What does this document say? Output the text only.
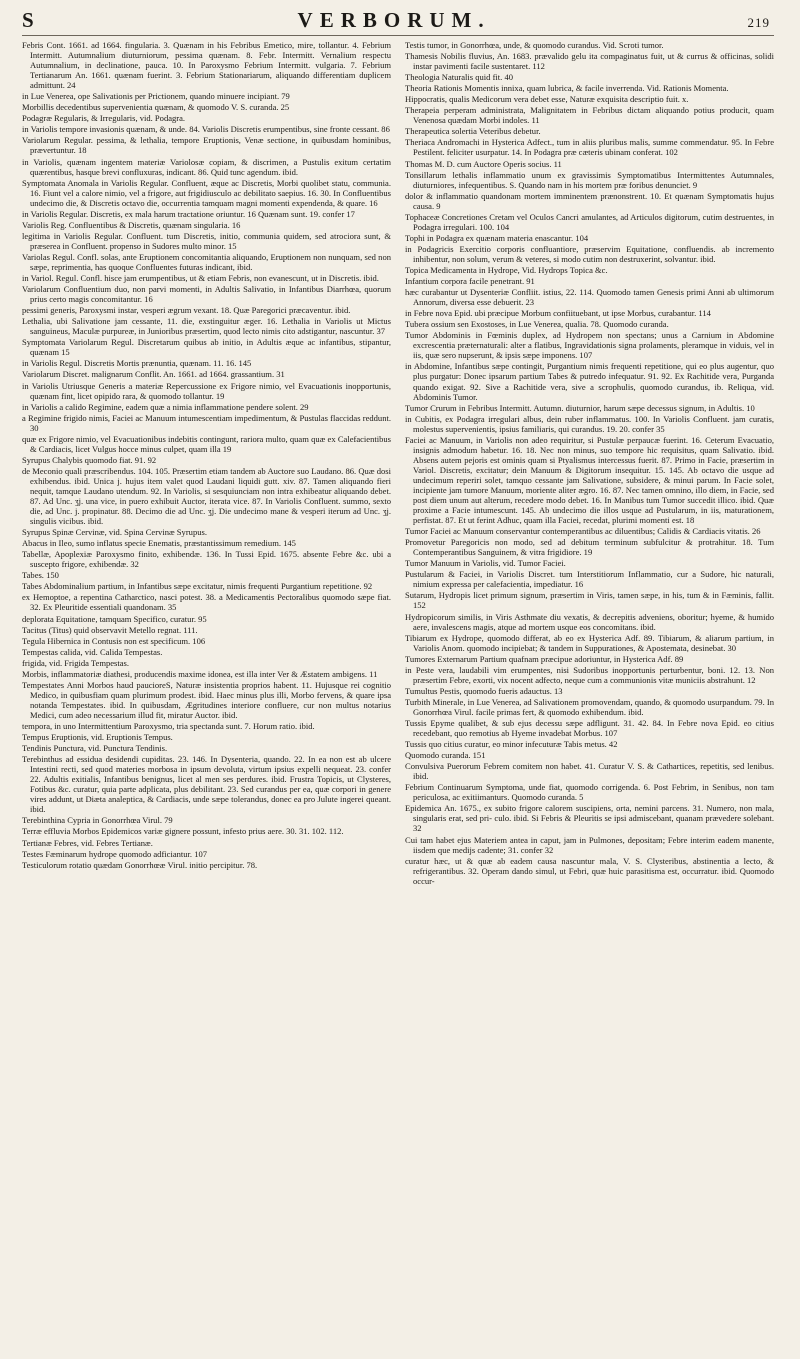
S	VERBORUM.	219

Febris Cont. 1661. ad 1664. fingularia. 3. Quænam in his Febribus Emetico, mire, tollantur. 4. Febrium Intermitt. Autumnalium diuturniorum, pessima quænam. 8. Febr. Intermitt. Vernalium respectu Autumnalium, in declinatione, pauca. 10. In Paroxysmo Febrium Intermitt. vulgaria. 7. Febrium Tertianarum An. 1661. quænam fuerint. 3. Febrium Stationariarum, aliquando differentiam duplicem admittunt. 24

in Lue Venerea, ope Salivationis per Prictionem, quando minuere incipiant. 79

Morbillis decedentibus supervenientia quænam, & quomodo V. S. curanda. 25

Podagræ Regularis, & Irregularis, vid. Podagra.

in Variolis tempore invasionis quænam, & unde. 84. Variolis Discretis erumpentibus, sine fronte cessant. 86

Variolarum Regular. pessima, & lethalia, tempore Eruptionis, Venæ sectione, in quibusdam hominibus, prævertuntur. 18

in Variolis, quænam ingentem materiæ Variolosæ copiam, & discrimen, a Pustulis exitum certatim quærentibus, hasque brevi confluxuras, indicant. 86. Quid tunc agendum. ibid.

Symptomata Anomala in Variolis Regular. Confluent, æque ac Discretis, Morbi quolibet statu, communia. 16. Fiunt vel a calore nimio, vel a frigore, aut frigidiusculo ac debilitato saepius. 16. 30. In Confluentibus undecimo die, & Discretis octavo die, occurrentia tamquam magni momenti expendenda, & quare. 16

in Variolis Regular. Discretis, ex mala harum tractatione oriuntur. 16 Quænam sunt. 19. confer 17

Variolis Reg. Confluentibus & Discretis, quænam singularia. 16

legitima in Variolis Regular. Confluent. tum Discretis, initio, communia quidem, sed atrociora sunt, & præserea in Confluent. propenso in Sudores multo minor. 15

Variolas Regul. Confl. solas, ante Eruptionem concomitantia aliquando, Eruptionem non nunquam, sed non sæpe, reprimentia, has quoque Confluentes futuras indicant, ibid.

in Variol. Regul. Confl. hisce jam erumpentibus, ut & etiam Febris, non evanescunt, ut in Discretis. ibid.

Variolarum Confluentium duo, non parvi momenti, in Adultis Salivatio, in Infantibus Diarrhœa, quorum prius certo magis concomitantur. 16

pessimi generis, Paroxysmi instar, vesperi ægrum vexant. 18. Quæ Paregorici præcaventur. ibid.

Lethalia, ubi Salivatione jam cessante, 11. die, exstinguitur æger. 16. Lethalia in Variolis ut Mictus sanguineus, Maculæ purpureæ, in Junioribus præsertim, quod lecto nimis cito adstigantur, nascuntur. 37

Symptomata Variolarum Regul. Discretarum quibus ab initio, in Adultis æque ac infantibus, stipantur, quænam 15

in Variolis Regul. Discretis Mortis prænuntia, quænam. 11. 16. 145

Variolarum Discret. malignarum Conflit. An. 1661. ad 1664. grassantium. 31

in Variolis Utriusque Generis a materiæ Repercussione ex Frigore nimio, vel Evacuationis inopportunis, quænam fint, licet opipido rara, & quomodo tollantur. 19

in Variolis a calido Regimine, eadem quæ a nimia inflammatione pendere solent. 29

a Regimine frigido nimis, Faciei ac Manuum intumescentiam impedimentum, & Pustulas flaccidas reddunt. 30

quæ ex Frigore nimio, vel Evacuationibus indebitis contingunt, rariora multo, quam quæ ex Calefacientibus & Cardiacis, licet Vulgus hocce minus culpet, quam illa 19

Syrupus Chalybis quomodo fiat. 91. 92

de Meconio quali præscribendus. 104. 105. Præsertim etiam tandem ab Auctore suo Laudano. 86. Quæ dosi exhibendus. ibid. Unica j. hujus item valet quod Laudani liquidi gutt. xiv. 87. Tamen aliquando fieri nequit, tamque Laudano utendum. 92. In Variolis, si sesquiunciam non intra exhibeatur aliquando debet. 87. Ad Unc. ʒj. una vice, in puero exhibuit Auctor, iterata vice. 87. In Variolis Confluent. summo, sexto die, ad Unc. j. propinatur. 88. Decimo die ad Unc. ʒj. Die undecimo mane & vesperi iterum ad Unc. ʒj. singulis vicibus. ibid.

Syrupus Spinæ Cervinæ, vid. Spina Cervinæ Syrupus.

Abacus in Ileo, sumo inflatus specie Enematis, præstantissimum remedium. 145

Tabellæ, Apoplexiæ Paroxysmo finito, exhibendæ. 136. In Tussi Epid. 1675. absente Febre &c. ubi a suscepto frigore, exhibendæ. 32

Tabes. 150

Tabes Abdominalium partium, in Infantibus sæpe excitatur, nimis frequenti Purgantium repetitione. 92

ex Hemoptoe, a repentina Catharctico, nasci potest. 38. a Medicamentis Pectoralibus quomodo sæpe fiat. 32. Ex Pleuritide essentiali quandonam. 35

deplorata Equitatione, tamquam Specifico, curatur. 95

Tacitus (Titus) quid observavit Metello regnat. 111.

Tegula Hibernica in Contusis non est specificum. 106

Tempestas calida, vid. Calida Tempestas.

frigida, vid. Frigida Tempestas.

Morbis, inflammatoriæ diathesi, producendis maxime idonea, est illa inter Ver & Æstatem ambigens. 11

Tempestates Anni Morbos haud paucioreS, Naturæ insistentia proprios habent. 11. Hujusque rei cognitio Medico, in quibusfiam quam plurimum prodest. ibid. Haec minus plus illi, Morbo fervens, & quare ipsa notanda Tempestates. ibid. In quibusdam, Ægritudines interiore confluere, cur non multus notarius Medici, cum adeo necessarium illud fit, miratur Auctor. ibid.

tempora, in uno Intermittentium Paroxysmo, tria spectanda sunt. 7. Horum ratio. ibid.

Tempus Eruptionis, vid. Eruptionis Tempus.

Tendinis Punctura, vid. Punctura Tendinis.

Terebinthus ad essidua desidendi cupiditas. 23. 146. In Dysenteria, quando. 22. In ea non est ab ulcere Intestini recti, sed quod materies morbosa in ipsum devoluta, virtum ipsius expelli nequeat. 23. confer 22. Adultis exitialis, Infantibus benignus, licet al men ses perdures. ibid. Frustra Topicis, ut Clysteres, Fotibus &c. curatur, quia parte adplicata, plus debilitant. 23. Sed curandus per ea, quæ corpori in genere vires addunt, ut Diæta analeptica, & Cardiacis, unde sæpe tolerandus, donec ea pro Julute ingerei queant. ibid.

Terebinthina Cypria in Gonorrhœa Virul. 79

Terræ effluvia Morbos Epidemicos variæ gignere possunt, infesto prius aere. 30. 31. 102. 112.

Tertianæ Febres, vid. Febres Tertianæ.

Testes Fæminarum hydrope quomodo adficiantur. 107

Testiculorum rotatio quædam Gonorrhœæ Virul. initio percipitur. 78.

Testis tumor, in Gonorrhœa, unde, & quomodo curandus. Vid. Scroti tumor.

Thamesis Nobilis fluvius, An. 1683. prævalido gelu ita compaginatus fuit, ut & currus & officinas, solidi instar pavimenti facile sustentaret. 112

Theologia Naturalis quid fit. 40

Theoria Rationis Momentis innixa, quam lubrica, & facile inverrenda. Vid. Rationis Momenta.

Hippocratis, qualis Medicorum vera debet esse, Naturæ exquisita descriptio fuit. x.

Therapeia perperam administrata, Malignitatem in Febribus dictam aliquando potius producit, quam Venenosa quædam Morbi indoles. 11

Therapeutica solertia Veteribus debetur.

Theriaca Andromachi in Hysterica Adfect., tum in aliis pluribus malis, summe commendatur. 95. In Febre Pestilent. feliciter usurpatur. 14. In Podagra præ cæteris ubinam conferat. 102

Thomas M. D. cum Auctore Operis socius. 11

Tonsillarum lethalis inflammatio unum ex gravissimis Symptomatibus Intermittentes Autumnales, diuturniores, infequentibus. S. Quando nam in his mortem præ foribus denunciet. 9

dolor & inflammatio quandonam mortem imminentem prænonstrent. 10. Et quænam Symptomatis hujus causa. 9

Tophaceæ Concretiones Cretam vel Oculos Cancri amulantes, ad Articulos digitorum, cutim destruentes, in Podagra irregulari. 100. 104

Tophi in Podagra ex quænam materia enascantur. 104

in Podagricis Exercitio corporis confluantiore, præservim Equitatione, confluendis. ab incremento inhibentur, non solum, verum & veteres, si modo cutim non destruxerint, solvantur. ibid.

Topica Medicamenta in Hydrope, Vid. Hydrops Topica &c.

Infantium corpora facile penetrant. 91

hæc curabantur ut Dysenteriæ Confliit. istius, 22. 114. Quomodo tamen Genesis primi Anni ab ultimorum Annorum, diversa esse debuerit. 23

in Febre nova Epid. ubi præcipue Morbum confiituebant, ut ipse Morbus, curabantur. 114

Tubera ossium sen Exostoses, in Lue Venerea, qualia. 78. Quomodo curanda.

Tumor Abdominis in Fœminis duplex, ad Hydropem non spectans; unus a Carnium in Abdomine excrescentia præternaturali: alter a flatibus, Ingravidationis signa prolaments, pleramque in viduis, vel in iis, quæ sero nupserunt, & ipsis sæpe imponens. 107

in Abdomine, Infantibus sæpe contingit, Purgantium nimis frequenti repetitione, qui eo plus augentur, quo plus purgatur: Donec ipsarum partium Tabes & putredo infequatur. 91. 92. Ex Rachitide vera, Purganda quando exigat. 92. Sive a Rachitide vera, sive a scrophulis, quomodo curandus, ib. Reliqua, vid. Abdominis Tumor.

Tumor Crurum in Febribus Intermitt. Autumn. diuturnior, harum sæpe decessus signum, in Adultis. 10

in Cubitis, ex Podagra irregulari albus, dein ruber inflammatus. 100. In Variolis Confluent. jam curatis, molestus supervenientis, ipsius familiaris, qui curandus. 19. 20. confer 35

Faciei ac Manuum, in Variolis non adeo requiritur, si Pustulæ perpaucæ fuerint. 16. Ceterum Evacuatio, insignis admodum habetur. 16. 18. Nec non minus, suo tempore hic requisitus, quam Salivatio. ibid. Absens autem pejoris est ominis quam si Ptyalismus intercessus fuerit. 87. Primo in Facie, præsertim in Variol. Discretis, excitatur; dein Manuum & Digitorum insequitur. 15. 145. Ab octavo die usque ad undecimum reperiri solet, tamquo cessante jam Salivatione, subsidere, & minui parum. In Facie solet, incipiente jam tumore Manuum, moriente aliter ægro. 16. 87. Nec tamen omnino, illo diem, in Facie, sed post diem unum aut alterum, recedere modo debet. 16. In Manibus tum Tumor succedit illico. ibid. Quæ proxime a Facie intumescunt. 145. Ab undecimo die illos usque ad Pustularum, in iis, maturationem, perfistat. 87. Et ut ferint Adhuc, quam illa Faciei, recedat, plurimi momenti est. 18

Tumor Faciei ac Manuum conservantur contemperantibus ac diluentibus; Calidis & Cardiacis vitatis. 26

Promovetur Paregoricis non modo, sed ad debitum terminum subfulcitur & protrahitur. 18. Tum Contemperantibus Sanguinem, & vitra frigidiore. 19

Tumor Manuum in Variolis, vid. Tumor Faciei.

Pustularum & Faciei, in Variolis Discret. tum Interstitiorum Inflammatio, cur a Sudore, hic naturali, nimium expressa per calefacientia, impediatur. 16

Sutarum, Hydropis licet primum signum, præsertim in Viris, tamen sæpe, in his, tum & in Fæminis, fallit. 152

Hydropicorum similis, in Viris Asthmate diu vexatis, & decrepitis adveniens, oboritur; hyeme, & humido aere, invalescens magis, atque ad mortem usque eos concomitans. ibid.

Tibiarum ex Hydrope, quomodo differat, ab eo ex Hysterica Adf. 89. Tibiarum, & aliarum partium, in Variolis Anom. quomodo incipiebat; & tandem in Suppurationes, & Apostemata, desinebat. 30

Tumores Externarum Partium quafnam præcipue adoriuntur, in Hysterica Adf. 89

in Peste vera, laudabili vim erumpentes, nisi Sudoribus inopportunis perturbentur, boni. 12. 13. Non præsertim Febre, exorti, vix nocent adfecto, neque cum a communionis vitæ municiis abstrahunt. 12

Tumultus Pestis, quomodo fueris adauctus. 13

Turbith Minerale, in Lue Venerea, ad Salivationem promovendam, quando, & quomodo usurpandum. 79. In Gonorrhœa Virul. facile primas fert, & quomodo exhibendum. ibid.

Tussis Epyme qualibet, & sub ejus decessu sæpe adfligunt. 31. 42. 84. In Febre nova Epid. eo citius recedebant, quo remotius ab Hyeme invadebat Morbus. 107

Tussis quo citius curatur, eo minor infecuturæ Tabis metus. 42

Quomodo curanda. 151

Convulsiva Puerorum Febrem comitem non habet. 41. Curatur V. S. & Cathartices, repetitis, sed lenibus. ibid.

Febrium Continuarum Symptoma, unde fiat, quomodo corrigenda. 6. Post Febrim, in Senibus, non tam periculosa, ac exitiimanturs. Quomodo curanda. 5

Epidemica An. 1675., ex subito frigore calorem suscipiens, orta, nemini parcens. 31. Numero, non mala, singularis erat, sed pri- culo. ibid. Si Febris & Pleuritis se ipsi admiscebant, quanam prævedere solebant. 32

Cui tam habet ejus Materiem antea in caput, jam in Pulmones, depositam; Febre interim eadem manente, iisdem que medijs cadente; 31. confer 32

curatur hæc, ut & quæ ab eadem causa nascuntur mala, V. S. Clysteribus, abstinentia a lecto, & refrigerantibus. 32. Operam dando simul, ut Febri, quæ huic parasitisma est, occurratur. ibid. Quomodo occur-
